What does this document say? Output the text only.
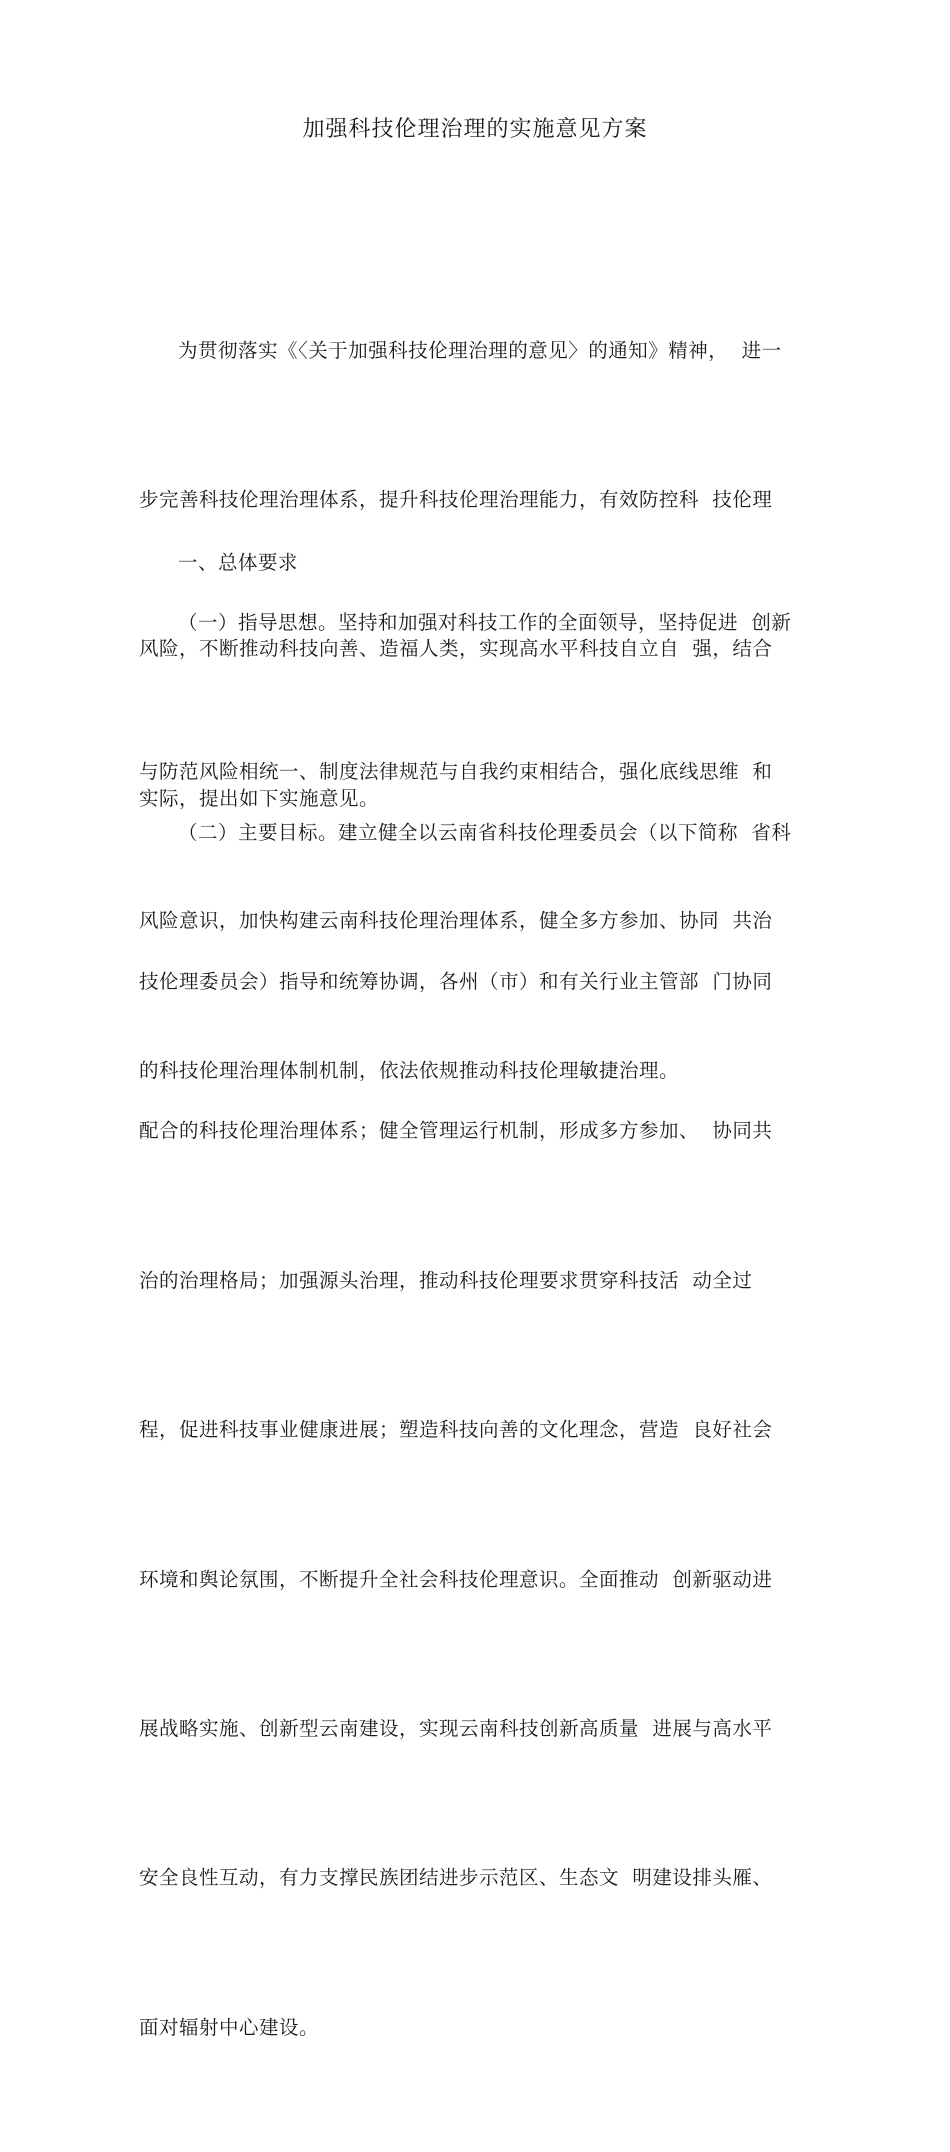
加强科技伦理治理的实施意见方案

为贯彻落实《〈关于加强科技伦理治理的意见〉的通知》精神，  进一

步完善科技伦理治理体系，提升科技伦理治理能力，有效防控科  技伦理

风险，不断推动科技向善、造福人类，实现高水平科技自立自  强，结合

实际，提出如下实施意见。

一、总体要求

（一）指导思想。坚持和加强对科技工作的全面领导，坚持促进  创新

与防范风险相统一、制度法律规范与自我约束相结合，强化底线思维  和

风险意识，加快构建云南科技伦理治理体系，健全多方参加、协同  共治

的科技伦理治理体制机制，依法依规推动科技伦理敏捷治理。

（二）主要目标。建立健全以云南省科技伦理委员会（以下简称  省科

技伦理委员会）指导和统筹协调，各州（市）和有关行业主管部  门协同

配合的科技伦理治理体系；健全管理运行机制，形成多方参加、  协同共

治的治理格局；加强源头治理，推动科技伦理要求贯穿科技活  动全过

程，促进科技事业健康进展；塑造科技向善的文化理念，营造  良好社会

环境和舆论氛围，不断提升全社会科技伦理意识。全面推动  创新驱动进

展战略实施、创新型云南建设，实现云南科技创新高质量  进展与高水平

安全良性互动，有力支撑民族团结进步示范区、生态文  明建设排头雁、

面对辐射中心建设。
